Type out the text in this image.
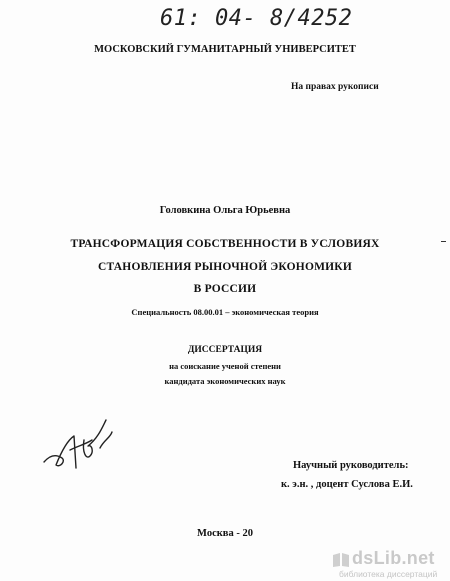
61: 04- 8/4252
МОСКОВСКИЙ ГУМАНИТАРНЫЙ УНИВЕРСИТЕТ
На правах рукописи
Головкина Ольга Юрьевна
ТРАНСФОРМАЦИЯ СОБСТВЕННОСТИ В УСЛОВИЯХ
СТАНОВЛЕНИЯ РЫНОЧНОЙ ЭКОНОМИКИ
В РОССИИ
Специальность 08.00.01 – экономическая теория
ДИССЕРТАЦИЯ
на соискание ученой степени
кандидата экономических наук
Научный руководитель:
к. э.н. , доцент Суслова Е.И.
Москва - 20
dsLib.net
библиотека диссертаций
